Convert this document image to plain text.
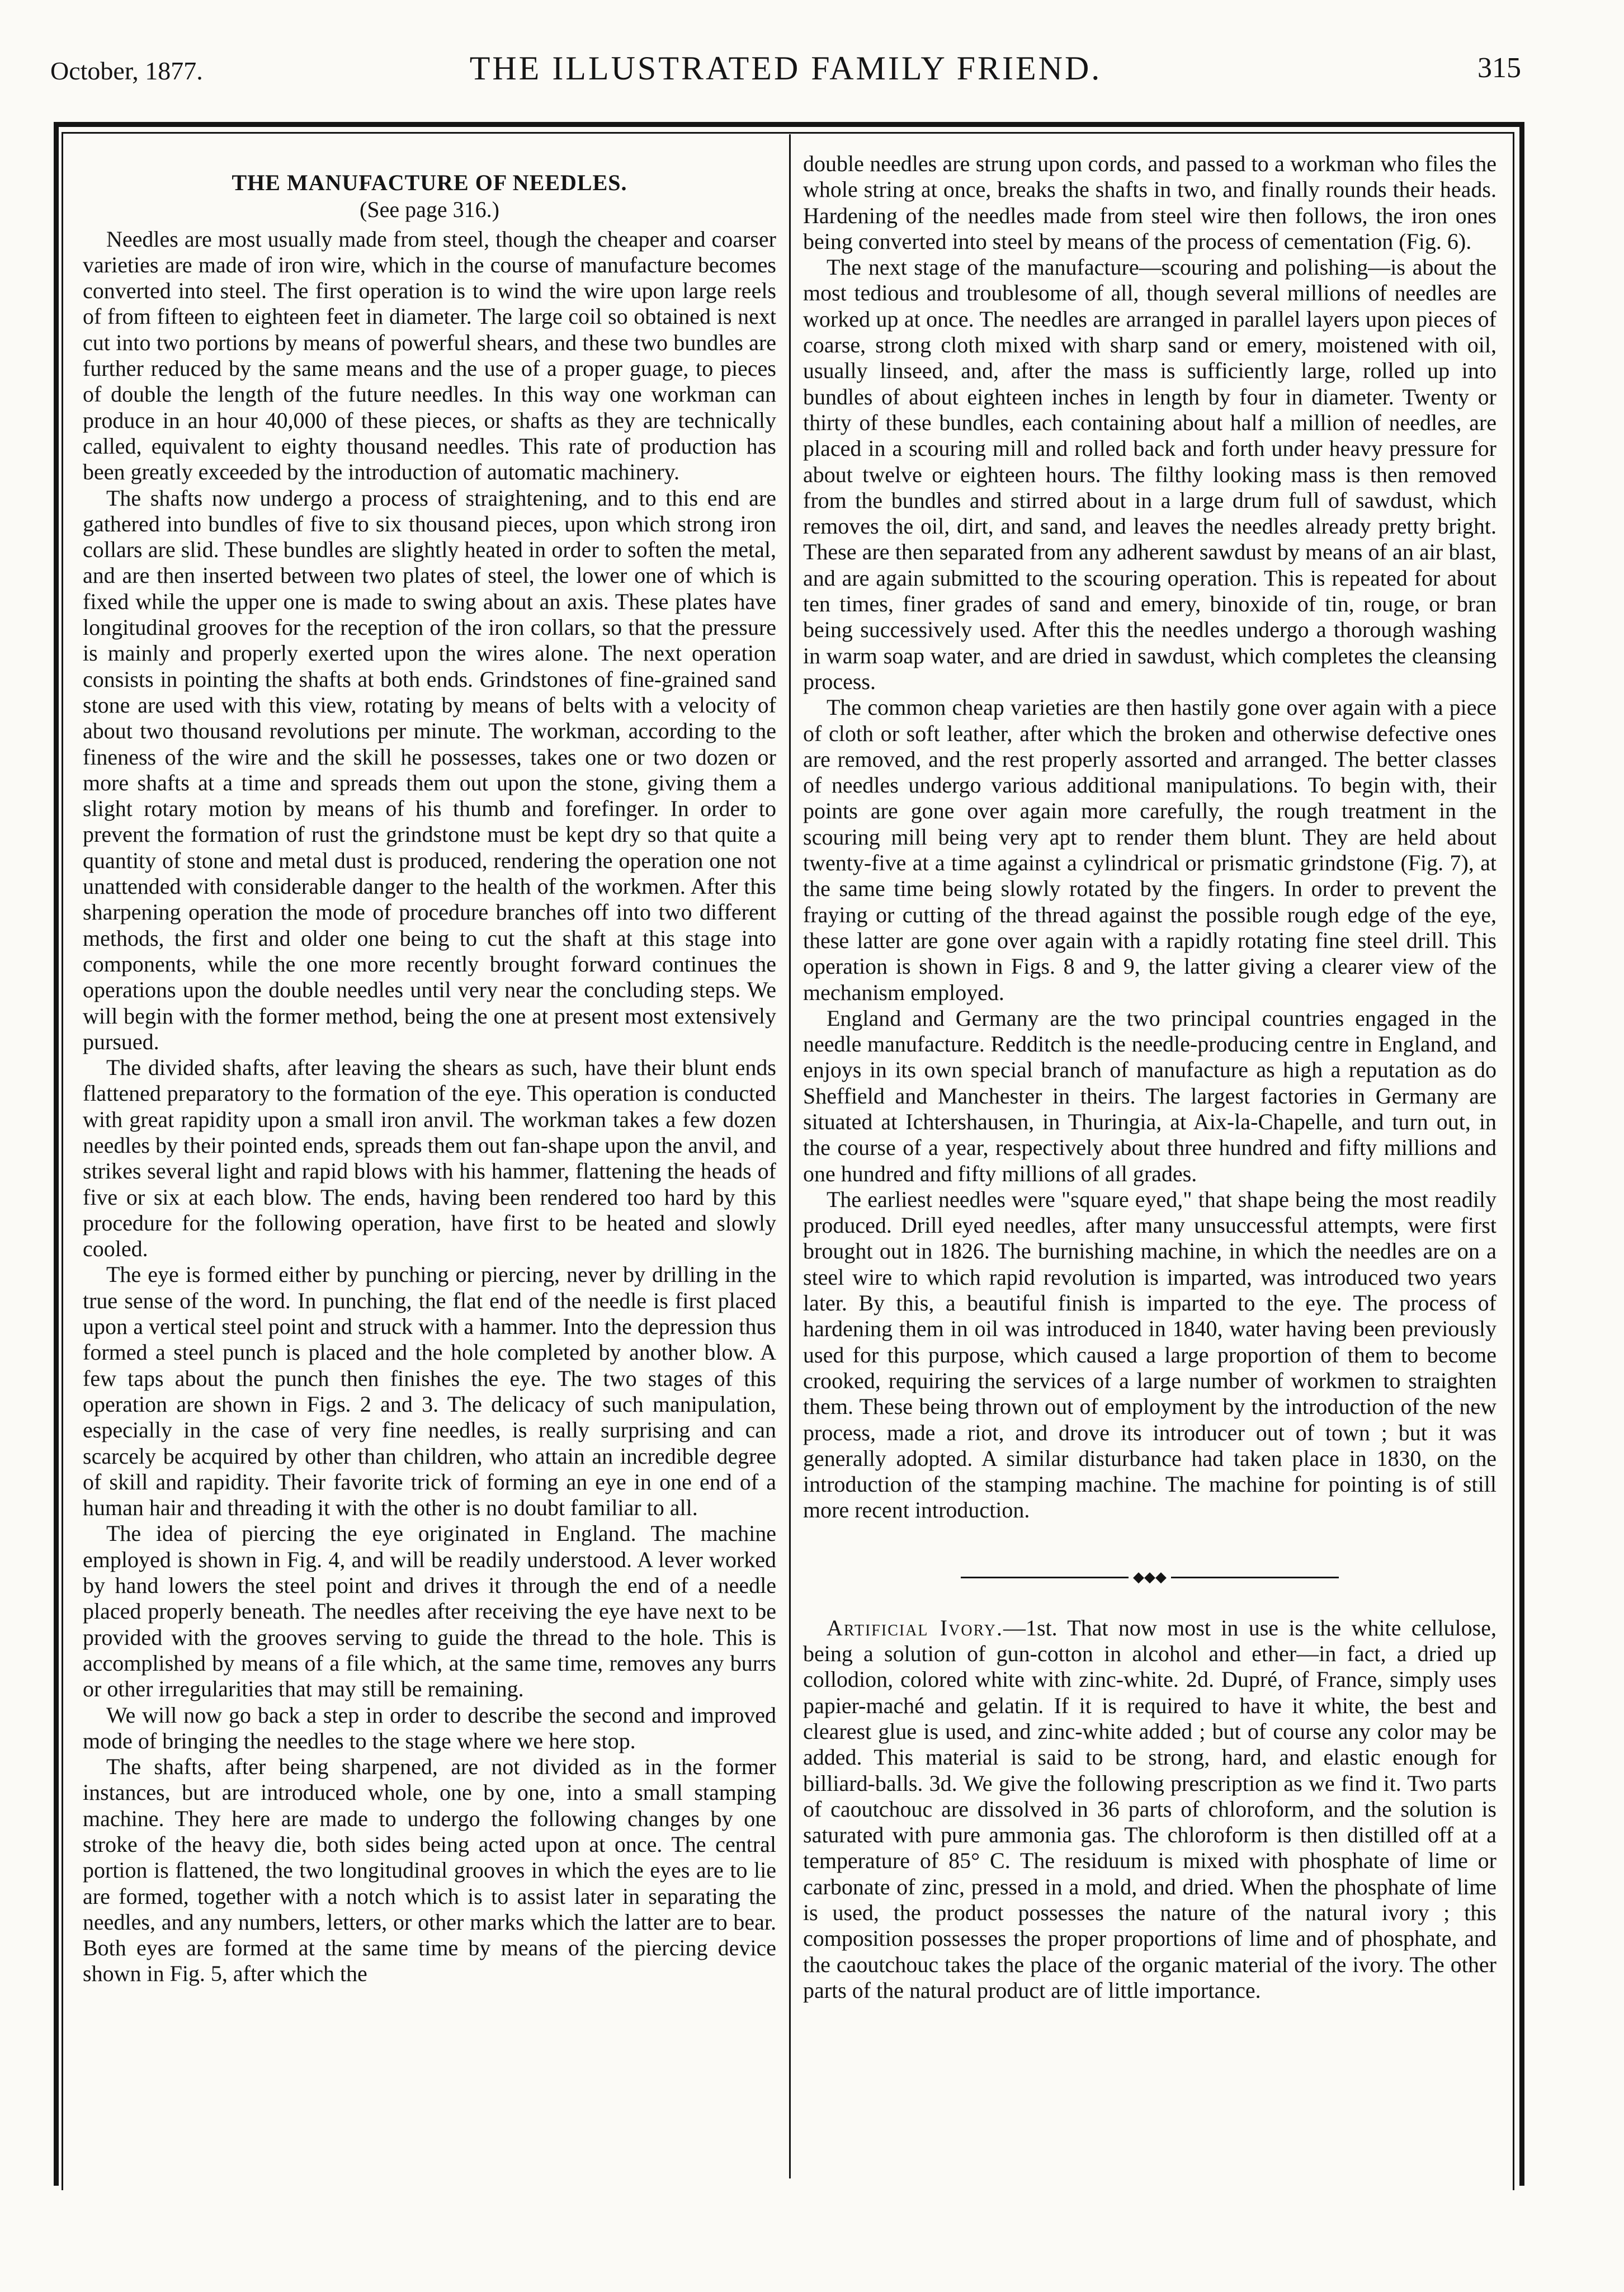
October, 1877.	THE ILLUSTRATED FAMILY FRIEND.	315
THE MANUFACTURE OF NEEDLES.
(See page 316.)

Needles are most usually made from steel, though the cheaper and coarser varieties are made of iron wire, which in the course of manufacture becomes converted into steel. The first operation is to wind the wire upon large reels of from fifteen to eighteen feet in diameter. The large coil so obtained is next cut into two portions by means of powerful shears, and these two bundles are further reduced by the same means and the use of a proper guage, to pieces of double the length of the future needles. In this way one workman can produce in an hour 40,000 of these pieces, or shafts as they are technically called, equivalent to eighty thousand needles. This rate of production has been greatly exceeded by the introduction of automatic machinery.

The shafts now undergo a process of straightening, and to this end are gathered into bundles of five to six thousand pieces, upon which strong iron collars are slid. These bundles are slightly heated in order to soften the metal, and are then inserted between two plates of steel, the lower one of which is fixed while the upper one is made to swing about an axis. These plates have longitudinal grooves for the reception of the iron collars, so that the pressure is mainly and properly exerted upon the wires alone. The next operation consists in pointing the shafts at both ends. Grindstones of fine-grained sand stone are used with this view, rotating by means of belts with a velocity of about two thousand revolutions per minute. The workman, according to the fineness of the wire and the skill he possesses, takes one or two dozen or more shafts at a time and spreads them out upon the stone, giving them a slight rotary motion by means of his thumb and forefinger. In order to prevent the formation of rust the grindstone must be kept dry so that quite a quantity of stone and metal dust is produced, rendering the operation one not unattended with considerable danger to the health of the workmen. After this sharpening operation the mode of procedure branches off into two different methods, the first and older one being to cut the shaft at this stage into components, while the one more recently brought forward continues the operations upon the double needles until very near the concluding steps. We will begin with the former method, being the one at present most extensively pursued.

The divided shafts, after leaving the shears as such, have their blunt ends flattened preparatory to the formation of the eye. This operation is conducted with great rapidity upon a small iron anvil. The workman takes a few dozen needles by their pointed ends, spreads them out fan-shape upon the anvil, and strikes several light and rapid blows with his hammer, flattening the heads of five or six at each blow. The ends, having been rendered too hard by this procedure for the following operation, have first to be heated and slowly cooled.

The eye is formed either by punching or piercing, never by drilling in the true sense of the word. In punching, the flat end of the needle is first placed upon a vertical steel point and struck with a hammer. Into the depression thus formed a steel punch is placed and the hole completed by another blow. A few taps about the punch then finishes the eye. The two stages of this operation are shown in Figs. 2 and 3. The delicacy of such manipulation, especially in the case of very fine needles, is really surprising and can scarcely be acquired by other than children, who attain an incredible degree of skill and rapidity. Their favorite trick of forming an eye in one end of a human hair and threading it with the other is no doubt familiar to all.

The idea of piercing the eye originated in England. The machine employed is shown in Fig. 4, and will be readily understood. A lever worked by hand lowers the steel point and drives it through the end of a needle placed properly beneath. The needles after receiving the eye have next to be provided with the grooves serving to guide the thread to the hole. This is accomplished by means of a file which, at the same time, removes any burrs or other irregularities that may still be remaining.

We will now go back a step in order to describe the second and improved mode of bringing the needles to the stage where we here stop.

The shafts, after being sharpened, are not divided as in the former instances, but are introduced whole, one by one, into a small stamping machine. They here are made to undergo the following changes by one stroke of the heavy die, both sides being acted upon at once. The central portion is flattened, the two longitudinal grooves in which the eyes are to lie are formed, together with a notch which is to assist later in separating the needles, and any numbers, letters, or other marks which the latter are to bear. Both eyes are formed at the same time by means of the piercing device shown in Fig. 5, after which the

double needles are strung upon cords, and passed to a workman who files the whole string at once, breaks the shafts in two, and finally rounds their heads. Hardening of the needles made from steel wire then follows, the iron ones being converted into steel by means of the process of cementation (Fig. 6).

The next stage of the manufacture—scouring and polishing—is about the most tedious and troublesome of all, though several millions of needles are worked up at once. The needles are arranged in parallel layers upon pieces of coarse, strong cloth mixed with sharp sand or emery, moistened with oil, usually linseed, and, after the mass is sufficiently large, rolled up into bundles of about eighteen inches in length by four in diameter. Twenty or thirty of these bundles, each containing about half a million of needles, are placed in a scouring mill and rolled back and forth under heavy pressure for about twelve or eighteen hours. The filthy looking mass is then removed from the bundles and stirred about in a large drum full of sawdust, which removes the oil, dirt, and sand, and leaves the needles already pretty bright. These are then separated from any adherent sawdust by means of an air blast, and are again submitted to the scouring operation. This is repeated for about ten times, finer grades of sand and emery, binoxide of tin, rouge, or bran being successively used. After this the needles undergo a thorough washing in warm soap water, and are dried in sawdust, which completes the cleansing process.

The common cheap varieties are then hastily gone over again with a piece of cloth or soft leather, after which the broken and otherwise defective ones are removed, and the rest properly assorted and arranged. The better classes of needles undergo various additional manipulations. To begin with, their points are gone over again more carefully, the rough treatment in the scouring mill being very apt to render them blunt. They are held about twenty-five at a time against a cylindrical or prismatic grindstone (Fig. 7), at the same time being slowly rotated by the fingers. In order to prevent the fraying or cutting of the thread against the possible rough edge of the eye, these latter are gone over again with a rapidly rotating fine steel drill. This operation is shown in Figs. 8 and 9, the latter giving a clearer view of the mechanism employed.

England and Germany are the two principal countries engaged in the needle manufacture. Redditch is the needle-producing centre in England, and enjoys in its own special branch of manufacture as high a reputation as do Sheffield and Manchester in theirs. The largest factories in Germany are situated at Ichtershausen, in Thuringia, at Aix-la-Chapelle, and turn out, in the course of a year, respectively about three hundred and fifty millions and one hundred and fifty millions of all grades.

The earliest needles were "square eyed," that shape being the most readily produced. Drill eyed needles, after many unsuccessful attempts, were first brought out in 1826. The burnishing machine, in which the needles are on a steel wire to which rapid revolution is imparted, was introduced two years later. By this, a beautiful finish is imparted to the eye. The process of hardening them in oil was introduced in 1840, water having been previously used for this purpose, which caused a large proportion of them to become crooked, requiring the services of a large number of workmen to straighten them. These being thrown out of employment by the introduction of the new process, made a riot, and drove its introducer out of town ; but it was generally adopted. A similar disturbance had taken place in 1830, on the introduction of the stamping machine. The machine for pointing is of still more recent introduction.

◆◆◆

Artificial Ivory.—1st. That now most in use is the white cellulose, being a solution of gun-cotton in alcohol and ether—in fact, a dried up collodion, colored white with zinc-white. 2d. Dupré, of France, simply uses papier-maché and gelatin. If it is required to have it white, the best and clearest glue is used, and zinc-white added ; but of course any color may be added. This material is said to be strong, hard, and elastic enough for billiard-balls. 3d. We give the following prescription as we find it. Two parts of caoutchouc are dissolved in 36 parts of chloroform, and the solution is saturated with pure ammonia gas. The chloroform is then distilled off at a temperature of 85° C. The residuum is mixed with phosphate of lime or carbonate of zinc, pressed in a mold, and dried. When the phosphate of lime is used, the product possesses the nature of the natural ivory ; this composition possesses the proper proportions of lime and of phosphate, and the caoutchouc takes the place of the organic material of the ivory. The other parts of the natural product are of little importance.
